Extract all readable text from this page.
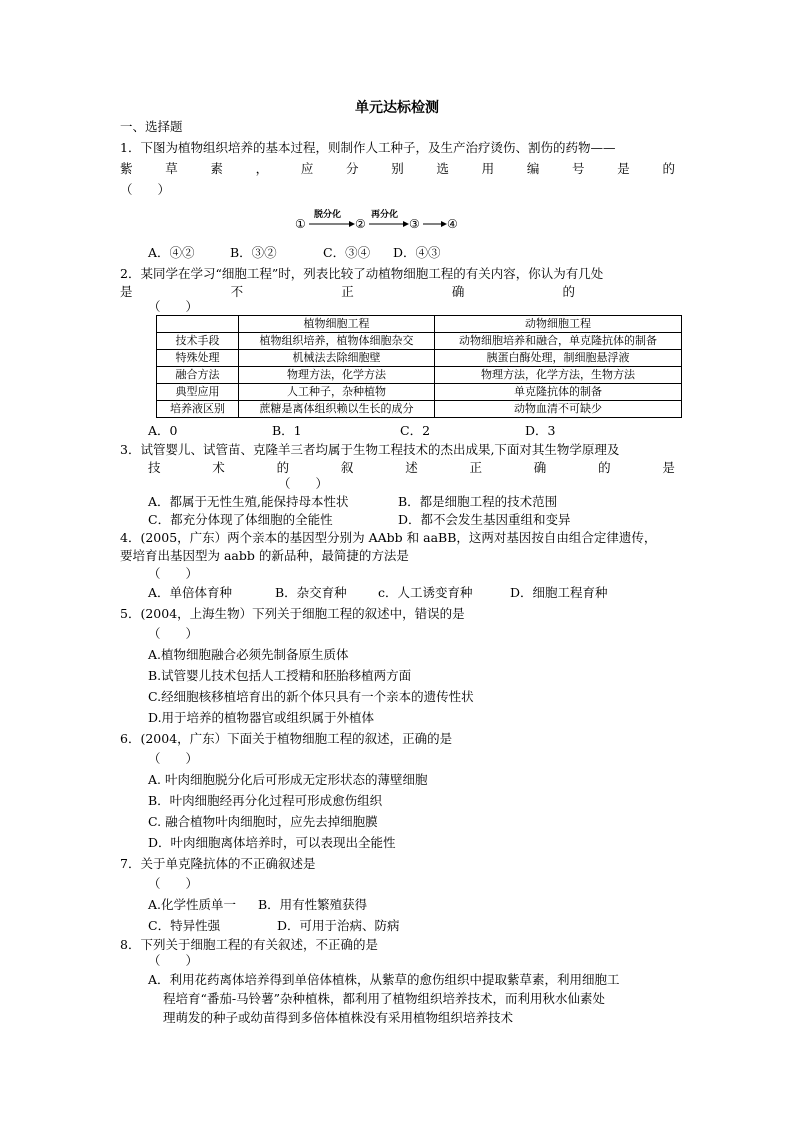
单元达标检测
一、选择题
1．下图为植物组织培养的基本过程，则制作人工种子，及生产治疗烫伤、割伤的药物——
紫	草	素	，	应	分	别	选	用	编	号	是	的
（　　）
①
脱分化
②
再分化
③ ④
A．④②	B．③②	C．③④ D．④③
2．某同学在学习“细胞工程”时，列表比较了动植物细胞工程的有关内容，你认为有几处
是	不	正	确	的
（　　）
	植物细胞工程	动物细胞工程
技术手段	植物组织培养，植物体细胞杂交	动物细胞培养和融合，单克隆抗体的制备
特殊处理	机械法去除细胞壁	胰蛋白酶处理，制细胞悬浮液
融合方法	物理方法，化学方法	物理方法，化学方法，生物方法
典型应用	人工种子，杂种植物	单克隆抗体的制备
培养液区别	蔗糖是离体组织赖以生长的成分	动物血清不可缺少
A．0	B．1	C．2	D．3
3．试管婴儿、试管苗、克隆羊三者均属于生物工程技术的杰出成果,下面对其生物学原理及
技	术	的	叙	述	正	确	的	是
（　　）
A．都属于无性生殖,能保持母本性状	B．都是细胞工程的技术范围
C．都充分体现了体细胞的全能性	D．都不会发生基因重组和变异
4．(2005，广东）两个亲本的基因型分别为 AAbb 和 aaBB，这两对基因按自由组合定律遗传，
要培育出基因型为 aabb 的新品种，最简捷的方法是
（　　）
A．单倍体育种	B．杂交育种	c．人工诱变育种	D．细胞工程育种
5．(2004，上海生物）下列关于细胞工程的叙述中，错误的是
（　　）
A.植物细胞融合必须先制备原生质体
B.试管婴儿技术包括人工授精和胚胎移植两方面
C.经细胞核移植培育出的新个体只具有一个亲本的遗传性状
D.用于培养的植物器官或组织属于外植体
6．(2004，广东）下面关于植物细胞工程的叙述，正确的是
（　　）
A. 叶肉细胞脱分化后可形成无定形状态的薄壁细胞
B．叶肉细胞经再分化过程可形成愈伤组织
C. 融合植物叶肉细胞时，应先去掉细胞膜
D．叶肉细胞离体培养时，可以表现出全能性
7．关于单克隆抗体的不正确叙述是
（　　）
A.化学性质单一 B．用有性繁殖获得
C．特异性强	D．可用于治病、防病
8．下列关于细胞工程的有关叙述，不正确的是
（　　）
A．利用花药离体培养得到单倍体植株，从紫草的愈伤组织中提取紫草素，利用细胞工
程培育“番茄-马铃薯”杂种植株，都利用了植物组织培养技术，而利用秋水仙素处
理萌发的种子或幼苗得到多倍体植株没有采用植物组织培养技术
